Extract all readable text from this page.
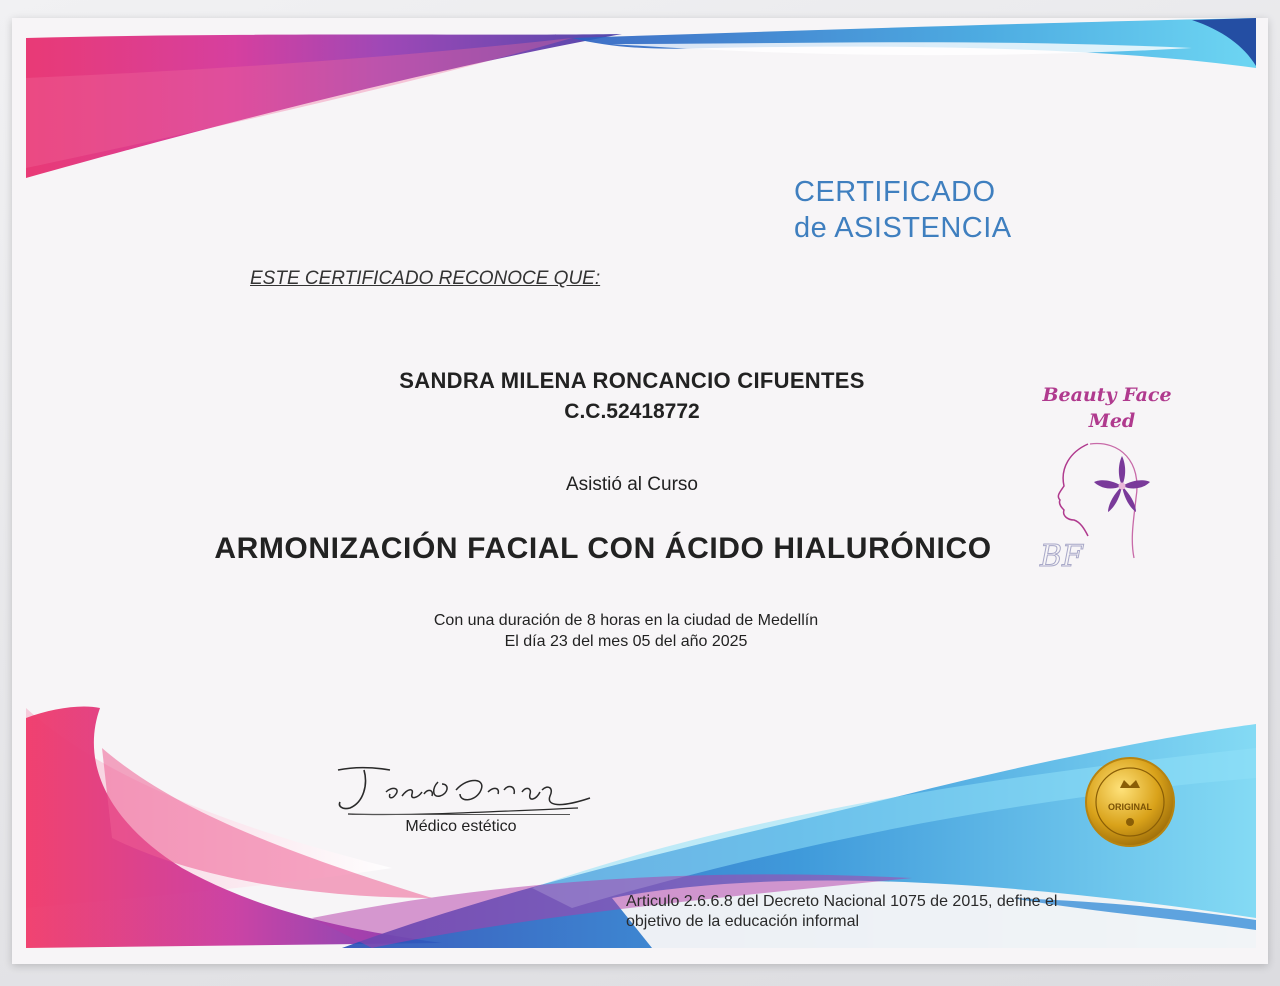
CERTIFICADO
de ASISTENCIA
ESTE CERTIFICADO RECONOCE QUE:
SANDRA MILENA RONCANCIO CIFUENTES
C.C.52418772
Asistió al Curso
ARMONIZACIÓN FACIAL CON ÁCIDO HIALURÓNICO
Con una duración de 8 horas en la ciudad de Medellín
El día 23 del mes 05 del año 2025
Beauty Face
Med
BF
Médico estético
ORIGINAL
Articulo 2.6.6.8 del Decreto Nacional 1075 de 2015, define el
objetivo de la educación informal
